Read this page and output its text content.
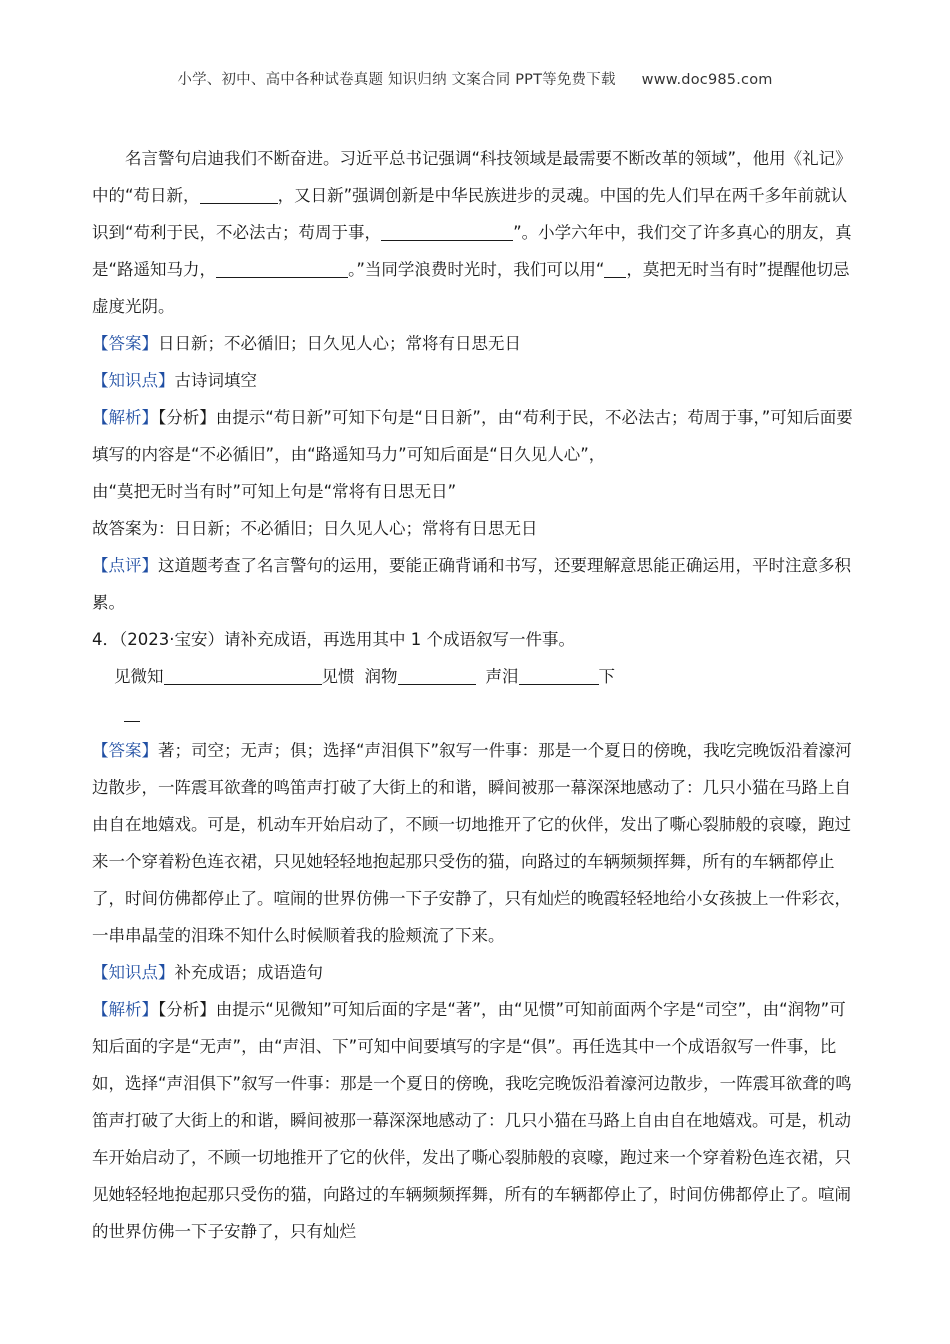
小学、初中、高中各种试卷真题 知识归纳 文案合同 PPT等免费下载 www.doc985.com

名言警句启迪我们不断奋进。习近平总书记强调“科技领域是最需要不断改革的领域”，他用《礼记》中的“苟日新，	，又日新”强调创新是中华民族进步的灵魂。中国的先人们早在两千多年前就认识到“苟利于民，不必法古；苟周于事，	”。小学六年中，我们交了许多真心的朋友，真是“路遥知马力，	。”当同学浪费时光时，我们可以用“ ，莫把无时当有时”提醒他切忌虚度光阴。

【答案】日日新；不必循旧；日久见人心；常将有日思无日

【知识点】古诗词填空

【解析】【分析】由提示“苟日新”可知下句是“日日新”，由“苟利于民，不必法古；苟周于事，”可知后面要填写的内容是“不必循旧”，由“路遥知马力”可知后面是“日久见人心”，

由“莫把无时当有时”可知上句是“常将有日思无日”

故答案为：日日新；不必循旧；日久见人心；常将有日思无日

【点评】这道题考查了名言警句的运用，要能正确背诵和书写，还要理解意思能正确运用，平时注意多积累。

4．（2023·宝安）请补充成语，再选用其中 1 个成语叙写一件事。

见微知	见惯 润物	声泪	下

【答案】著；司空；无声；俱；选择“声泪俱下”叙写一件事：那是一个夏日的傍晚，我吃完晚饭沿着濠河边散步，一阵震耳欲聋的鸣笛声打破了大街上的和谐，瞬间被那一幕深深地感动了：几只小猫在马路上自由自在地嬉戏。可是，机动车开始启动了，不顾一切地推开了它的伙伴，发出了嘶心裂肺般的哀嚎，跑过来一个穿着粉色连衣裙，只见她轻轻地抱起那只受伤的猫，向路过的车辆频频挥舞，所有的车辆都停止了，时间仿佛都停止了。喧闹的世界仿佛一下子安静了，只有灿烂的晚霞轻轻地给小女孩披上一件彩衣，一串串晶莹的泪珠不知什么时候顺着我的脸颊流了下来。

【知识点】补充成语；成语造句

【解析】【分析】由提示“见微知”可知后面的字是“著”，由“见惯”可知前面两个字是“司空”，由“润物”可知后面的字是“无声”，由“声泪、下”可知中间要填写的字是“俱”。再任选其中一个成语叙写一件事，比如，选择“声泪俱下”叙写一件事：那是一个夏日的傍晚，我吃完晚饭沿着濠河边散步，一阵震耳欲聋的鸣笛声打破了大街上的和谐，瞬间被那一幕深深地感动了：几只小猫在马路上自由自在地嬉戏。可是，机动车开始启动了，不顾一切地推开了它的伙伴，发出了嘶心裂肺般的哀嚎，跑过来一个穿着粉色连衣裙，只见她轻轻地抱起那只受伤的猫，向路过的车辆频频挥舞，所有的车辆都停止了，时间仿佛都停止了。喧闹的世界仿佛一下子安静了，只有灿烂
